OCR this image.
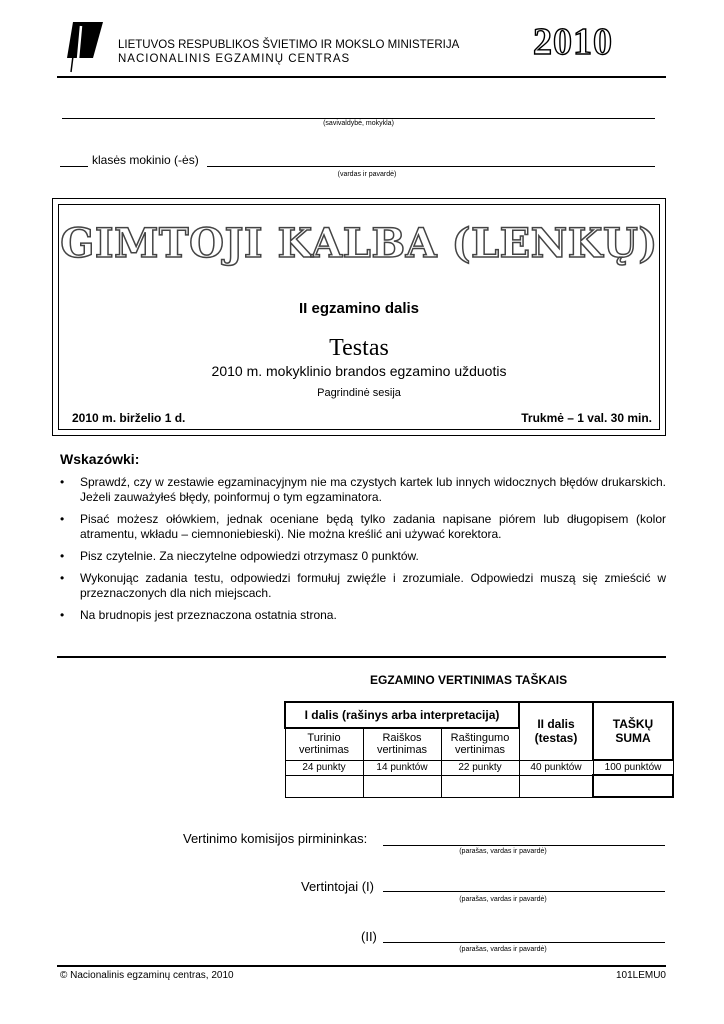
LIETUVOS RESPUBLIKOS ŠVIETIMO IR MOKSLO MINISTERIJA
NACIONALINIS EGZAMINŲ CENTRAS	2010
(savivaldybė, mokykla)
klasės mokinio (-ės)
(vardas ir pavardė)
GIMTOJI KALBA (LENKŲ)
II egzamino dalis
Testas
2010 m. mokyklinio brandos egzamino užduotis
Pagrindinė sesija
2010 m. birželio 1 d.	Trukmė – 1 val. 30 min.
Wskazówki:
• Sprawdź, czy w zestawie egzaminacyjnym nie ma czystych kartek lub innych widocznych błędów drukarskich. Jeżeli zauważyłeś błędy, poinformuj o tym egzaminatora.
• Pisać możesz ołówkiem, jednak oceniane będą tylko zadania napisane piórem lub długopisem (kolor atramentu, wkładu – ciemnoniebieski). Nie można kreślić ani używać korektora.
• Pisz czytelnie. Za nieczytelne odpowiedzi otrzymasz 0 punktów.
• Wykonując zadania testu, odpowiedzi formułuj zwięźle i zrozumiale. Odpowiedzi muszą się zmieścić w przeznaczonych dla nich miejscach.
• Na brudnopis jest przeznaczona ostatnia strona.
EGZAMINO VERTINIMAS TAŠKAIS
I dalis (rašinys arba interpretacija)			II dalis (testas)	TAŠKŲ SUMA
Turinio vertinimas	Raiškos vertinimas	Raštingumo vertinimas		
24 punkty	14 punktów	22 punkty	40 punktów	100 punktów

Vertinimo komisijos pirmininkas:
(parašas, vardas ir pavardė)
Vertintojai (I)
(parašas, vardas ir pavardė)
(II)
(parašas, vardas ir pavardė)
© Nacionalinis egzaminų centras, 2010	101LEMU0
